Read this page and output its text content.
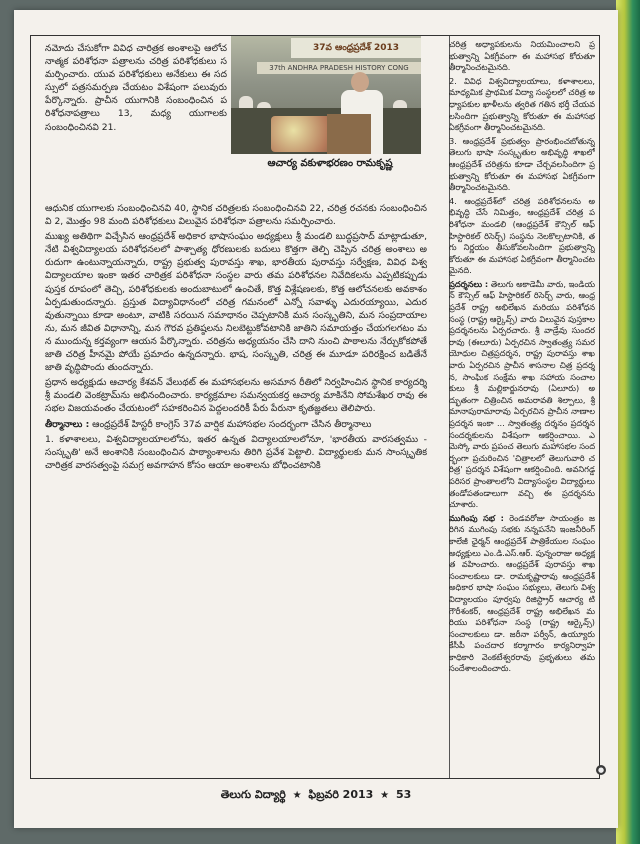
నమోదు చేసుకోగా వివిధ చారిత్రక అంశాలపై ఆలోచనాత్మక పరిశోధనా పత్రాలను చరిత్ర పరిశోధకులు సమర్పించారు. యువ పరిశోధకులు అనేకులు ఈ సదస్సులో పత్రసమర్పణ చేయటం విశేషంగా పలువురు పేర్కొన్నారు. ప్రాచీన యుగానికి సంబంధించిన పరిశోధనాపత్రాలు 13, మధ్య యుగాలకు సంబంధించినవి 21.

37వ ఆంధ్రప్రదేశ్ 2013
37th ANDHRA PRADESH HISTORY CONG
ఆచార్య వకుళాభరణం రామకృష్ణ

ఆధునిక యుగాలకు సంబంధించినవి 40, స్థానిక చరిత్రలకు సంబంధించినవి 22, చరిత్ర రచనకు సంబంధించినవి 2, మొత్తం 98 మంది పరిశోధకులు విలువైన పరిశోధనా పత్రాలను సమర్పించారు.

ముఖ్య అతిథిగా విచ్చేసిన ఆంధ్రప్రదేశ్ అధికార భాషాసంఘం అధ్యక్షులు శ్రీ మండలి బుద్ధప్రసాద్ మాట్లాడుతూ, నేటి విశ్వవిద్యాలయ పరిశోధనలలో పాశ్చాత్య ధోరణులకు బదులు కొత్తగా తెల్పి చెప్పిన చరిత్ర అంశాలు అరుదుగా ఉంటున్నాయన్నారు, రాష్ట్ర ప్రభుత్వ పురావస్తు శాఖ, భారతీయ పురావస్తు సర్వేక్షణ, వివిధ విశ్వవిద్యాలయాల ఇంకా ఇతర చారిత్రక పరిశోధనా సంస్థల వారు తమ పరిశోధనల నివేదికలను ఎప్పటికప్పుడు పుస్తక రూపంలో తెచ్చి, పరిశోధకులకు అందుబాటులో ఉంచితే, కొత్త విశ్లేషణలకు, కొత్త ఆలోచనలకు అవకాశం ఏర్పడుతుందన్నారు. ప్రస్తుత విద్యావిధానంలో చరిత్ర గమనంలో ఎన్నో సవాళ్ళు ఎదురయ్యాయి, ఎదురవుతున్నాయి కూడా అంటూ, వాటికి సరయిన సమాధానం చెప్పటానికి మన సంస్కృతిని, మన సంప్రదాయాలను, మన జీవిత విధానాన్ని, మన గౌరవ ప్రతిష్ఠలను నిలబెట్టుకోవటానికి జాతిని సమాయత్తం చేయగలగటం మన ముందున్న కర్తవ్యంగా ఆయన పేర్కొన్నారు. చరిత్రను అధ్యయనం చేసి దాని నుంచి పాఠాలను నేర్చుకోకపోతే జాతి చరిత్ర హీనమై పోయే ప్రమాదం ఉన్నదన్నారు. భాష, సంస్కృతి, చరిత్ర ఈ మూడూ పరిరక్షించ బడితేనే జాతి వృద్ధిపొందు తుందన్నారు.

ప్రధాన అధ్యక్షుడు ఆచార్య కేశవన్ వేలుథట్ ఈ మహాసభలను అసమాన రీతిలో నిర్వహించిన స్థానిక కార్యదర్శి శ్రీ మండలి వెంకట్రామ్‌ను అభినందించారు. కార్యక్రమాల సమన్వయకర్త ఆచార్య మాకినేని సోమశేఖర రావు ఈ సభల విజయవంతం చేయటంలో సహకరించిన పెద్దలందరికీ పేరు పేరునా కృతజ్ఞతలు తెలిపారు.

తీర్మానాలు : ఆంధ్రప్రదేశ్ హిస్టరీ కాంగ్రెస్ 37వ వార్షిక మహాసభల సందర్భంగా చేసిన తీర్మానాలు

1. కళాశాలలు, విశ్వవిద్యాలయాలలోను, ఇతర ఉన్నత విద్యాలయాలలోనూ, 'భారతీయ వారసత్వము - సంస్కృతి' అనే అంశానికి సంబంధించిన పాఠ్యాంశాలను తిరిగి ప్రవేశ పెట్టాలి. విద్యార్థులకు మన సాంస్కృతిక చారిత్రక వారసత్వంపై సమగ్ర అవగాహన కోసం ఆయా అంశాలను బోధించటానికి

తెలుగు విద్యార్థి ★ ఫిబ్రవరి 2013 ★ 53

చరిత్ర అధ్యాపకులను నియమించాలని ప్రభుత్వాన్ని ఏకగ్రీవంగా ఈ మహాసభ కోరుతూ తీర్మానించటమైనది.

2. వివిధ విశ్వవిద్యాలయాలు, కళాశాలలు, మాధ్యమిక ప్రాథమిక విద్యా సంస్థలలో చరిత్ర అధ్యాపకుల ఖాళీలను త్వరిత గతిన భర్తీ చేయవలసిందిగా ప్రభుత్వాన్ని కోరుతూ ఈ మహాసభ ఏకగ్రీవంగా తీర్మానించటమైనది.

3. ఆంధ్రప్రదేశ్ ప్రభుత్వం ప్రారంభించబోతున్న తెలుగు భాషా సంస్కృతుల అభివృద్ధి శాఖలో ఆంధ్రప్రదేశ్ చరిత్రను కూడా చేర్చవలసిందిగా ప్రభుత్వాన్ని కోరుతూ ఈ మహాసభ ఏకగ్రీవంగా తీర్మానించటమైనది.

4. ఆంధ్రప్రదేశ్‌లో చరిత్ర పరిశోధనలను అభివృద్ధి చేసే నిమిత్తం, ఆంధ్రప్రదేశ్ చరిత్ర పరిశోధనా మండలి (ఆంధ్రప్రదేశ్ కౌన్సిల్ ఆఫ్ హిస్టారికల్ రిసెర్చ్) సంస్థను నెలకొల్పటానికి, తగు నిర్ణయం తీసుకోవలసిందిగా ప్రభుత్వాన్ని కోరుతూ ఈ మహాసభ ఏకగ్రీవంగా తీర్మానించటమైనది.

ప్రదర్శనలు : తెలుగు అకాడెమీ వారు, ఇండియన్ కౌన్సిల్ ఆఫ్ హిస్టారికల్ రిసెర్చ్ వారు, ఆంధ్రప్రదేశ్ రాష్ట్ర అభిలేఖన మరియు పరిశోధన సంస్థ (రాష్ట్ర ఆర్కైవ్స్) వారు విలువైన పుస్తకాల ప్రదర్శనలను ఏర్పరచారు. శ్రీ వాడ్రేవు సుందర రావు (ఈలూరు) ఏర్పరచిన స్వాతంత్ర్య సమర యోధుల చిత్రప్రదర్శన, రాష్ట్ర పురావస్తు శాఖ వారు ఏర్పరచిన ప్రాచీన శాసనాల చిత్ర ప్రదర్శన, సాంఘిక సంక్షేమ శాఖ సహాయ సంచాలకులు శ్రీ మల్లికార్జునరావు (ఏలూరు) అద్భుతంగా చిత్రించిన అమరావతి శిల్పాలు, శ్రీ మానాపురామారావు ఏర్పరచిన ప్రాచీన నాణాల ప్రదర్శన ఇంకా ... స్వాతంత్ర్య దర్శనం ప్రదర్శన సందర్శకులను విశేషంగా ఆకర్షించాయి. ఎమెస్కో వారు ప్రపంచ తెలుగు మహాసభల సందర్భంగా ప్రచురించిన 'చిత్రాలలో తెలుగువారి చరిత్ర' ప్రదర్శన విశేషంగా ఆకర్షించింది. అవనిగడ్డ పరిసర ప్రాంతాలలోని విద్యాసంస్థల విద్యార్థులు తండోపతండాలుగా వచ్చి ఈ ప్రదర్శనను చూశారు.

ముగింపు సభ : రెండవరోజు సాయంత్రం జరిగిన ముగింపు సభకు నన్నపనేని ఇంజనీరింగ్ కాలేజీ ఛైర్మన్ ఆంధ్రప్రదేశ్ పాత్రికేయుల సంఘం అధ్యక్షులు ఎం.డి.ఎస్.ఆర్. పున్నంరాజు అధ్యక్షత వహించారు. ఆంధ్రప్రదేశ్ పురావస్తు శాఖ సంచాలకులు డా. రామకృష్ణారావు ఆంధ్రప్రదేశ్ అధికార భాషా సంఘం సభ్యులు, తెలుగు విశ్వవిద్యాలయం పూర్వపు రిజిస్ట్రార్ ఆచార్య టి గౌరీశంకర్, ఆంధ్రప్రదేశ్ రాష్ట్ర అభిలేఖన మరియు పరిశోధనా సంస్థ (రాష్ట్ర ఆర్కైవ్స్) సంచాలకులు డా. జరీనా పర్వీన్, ఉయ్యూరు కేసీపీ పంచదార కర్మాగారం కార్యనిర్వాహకాధికారి వెంకటేశ్వరరావు ప్రభృతులు తమ సందేశాలందించారు.

●
